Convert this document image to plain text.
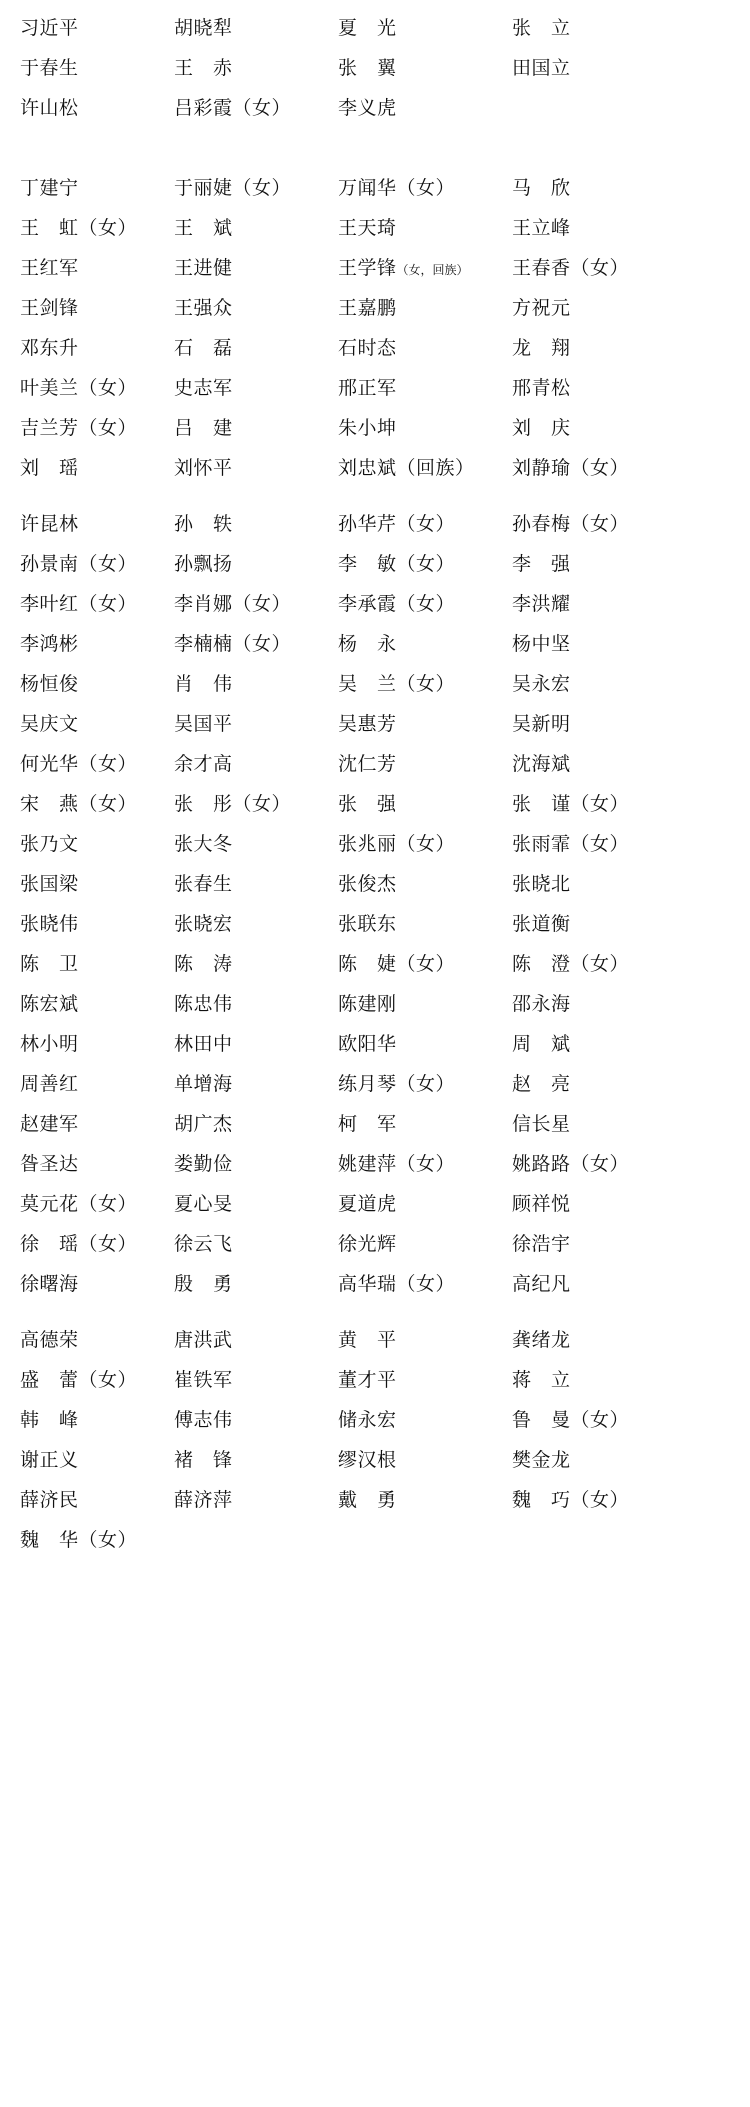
习近平	胡晓犁	夏　光	张　立
于春生	王　赤	张　翼	田国立
许山松	吕彩霞（女）	李义虎
丁建宁	于丽婕（女）	万闻华（女）	马　欣
王　虹（女）	王　斌	王天琦	王立峰
王红军	王进健	王学锋（女，回族）	王春香（女）
王剑锋	王强众	王嘉鹏	方祝元
邓东升	石　磊	石时态	龙　翔
叶美兰（女）	史志军	邢正军	邢青松
吉兰芳（女）	吕　建	朱小坤	刘　庆
刘　瑶	刘怀平	刘忠斌（回族）	刘静瑜（女）
许昆林	孙　轶	孙华芹（女）	孙春梅（女）
孙景南（女）	孙飘扬	李　敏（女）	李　强
李叶红（女）	李肖娜（女）	李承霞（女）	李洪耀
李鸿彬	李楠楠（女）	杨　永	杨中坚
杨恒俊	肖　伟	吴　兰（女）	吴永宏
吴庆文	吴国平	吴惠芳	吴新明
何光华（女）	余才高	沈仁芳	沈海斌
宋　燕（女）	张　彤（女）	张　强	张　谨（女）
张乃文	张大冬	张兆丽（女）	张雨霏（女）
张国梁	张春生	张俊杰	张晓北
张晓伟	张晓宏	张联东	张道衡
陈　卫	陈　涛	陈　婕（女）	陈　澄（女）
陈宏斌	陈忠伟	陈建刚	邵永海
林小明	林田中	欧阳华	周　斌
周善红	单增海	练月琴（女）	赵　亮
赵建军	胡广杰	柯　军	信长星
昝圣达	娄勤俭	姚建萍（女）	姚路路（女）
莫元花（女）	夏心旻	夏道虎	顾祥悦
徐　瑶（女）	徐云飞	徐光辉	徐浩宇
徐曙海	殷　勇	高华瑞（女）	高纪凡
高德荣	唐洪武	黄　平	龚绪龙
盛　蕾（女）	崔铁军	董才平	蒋　立
韩　峰	傅志伟	储永宏	鲁　曼（女）
谢正义	褚　锋	缪汉根	樊金龙
薛济民	薛济萍	戴　勇	魏　巧（女）
魏　华（女）
